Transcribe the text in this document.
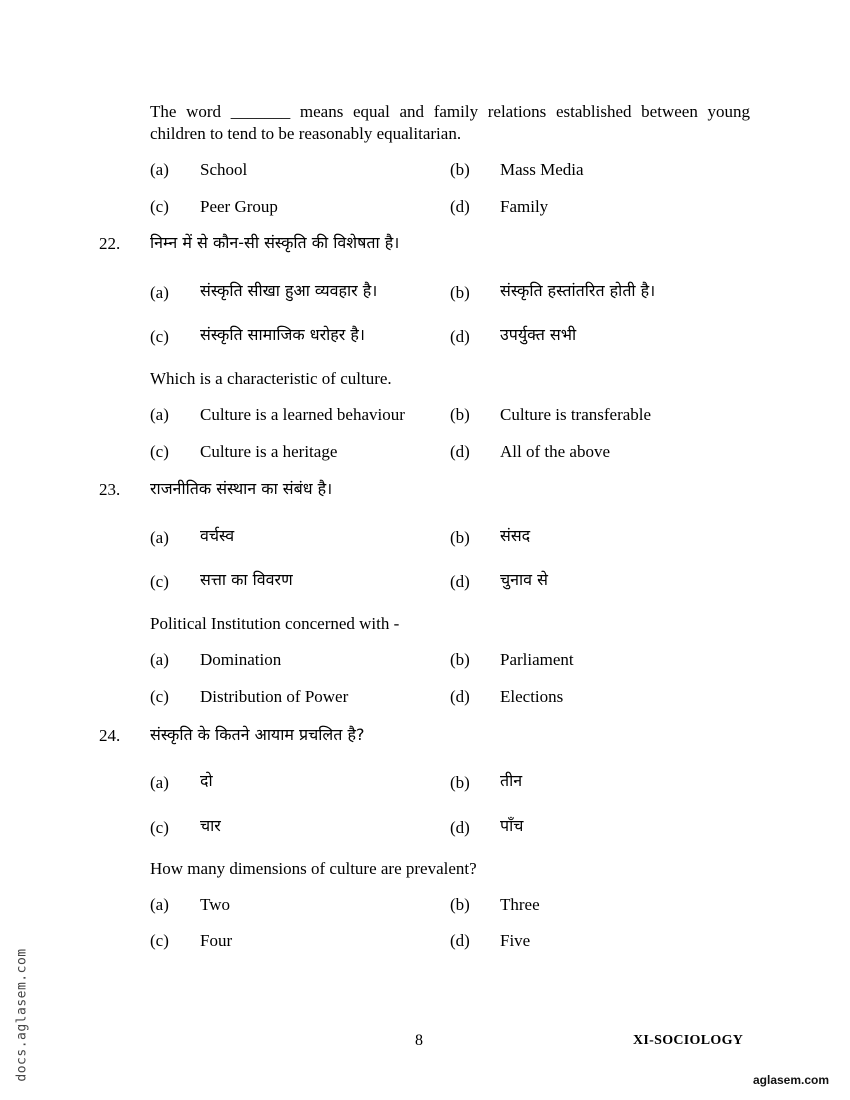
The word _______ means equal and family relations established between young children to tend to be reasonably equalitarian.
(a) School	(b) Mass Media
(c) Peer Group	(d) Family
22. निम्न में से कौन-सी संस्कृति की विशेषता है।
(a) संस्कृति सीखा हुआ व्यवहार है।	(b) संस्कृति हस्तांतरित होती है।
(c) संस्कृति सामाजिक धरोहर है।	(d) उपर्युक्त सभी
Which is a characteristic of culture.
(a) Culture is a learned behaviour	(b) Culture is transferable
(c) Culture is a heritage	(d) All of the above
23. राजनीतिक संस्थान का संबंध है।
(a) वर्चस्व	(b) संसद
(c) सत्ता का विवरण	(d) चुनाव से
Political Institution concerned with -
(a) Domination	(b) Parliament
(c) Distribution of Power	(d) Elections
24. संस्कृति के कितने आयाम प्रचलित है?
(a) दो	(b) तीन
(c) चार	(d) पाँच
How many dimensions of culture are prevalent?
(a) Two	(b) Three
(c) Four	(d) Five
docs.aglasem.com	8	XI-SOCIOLOGY
aglasem.com
